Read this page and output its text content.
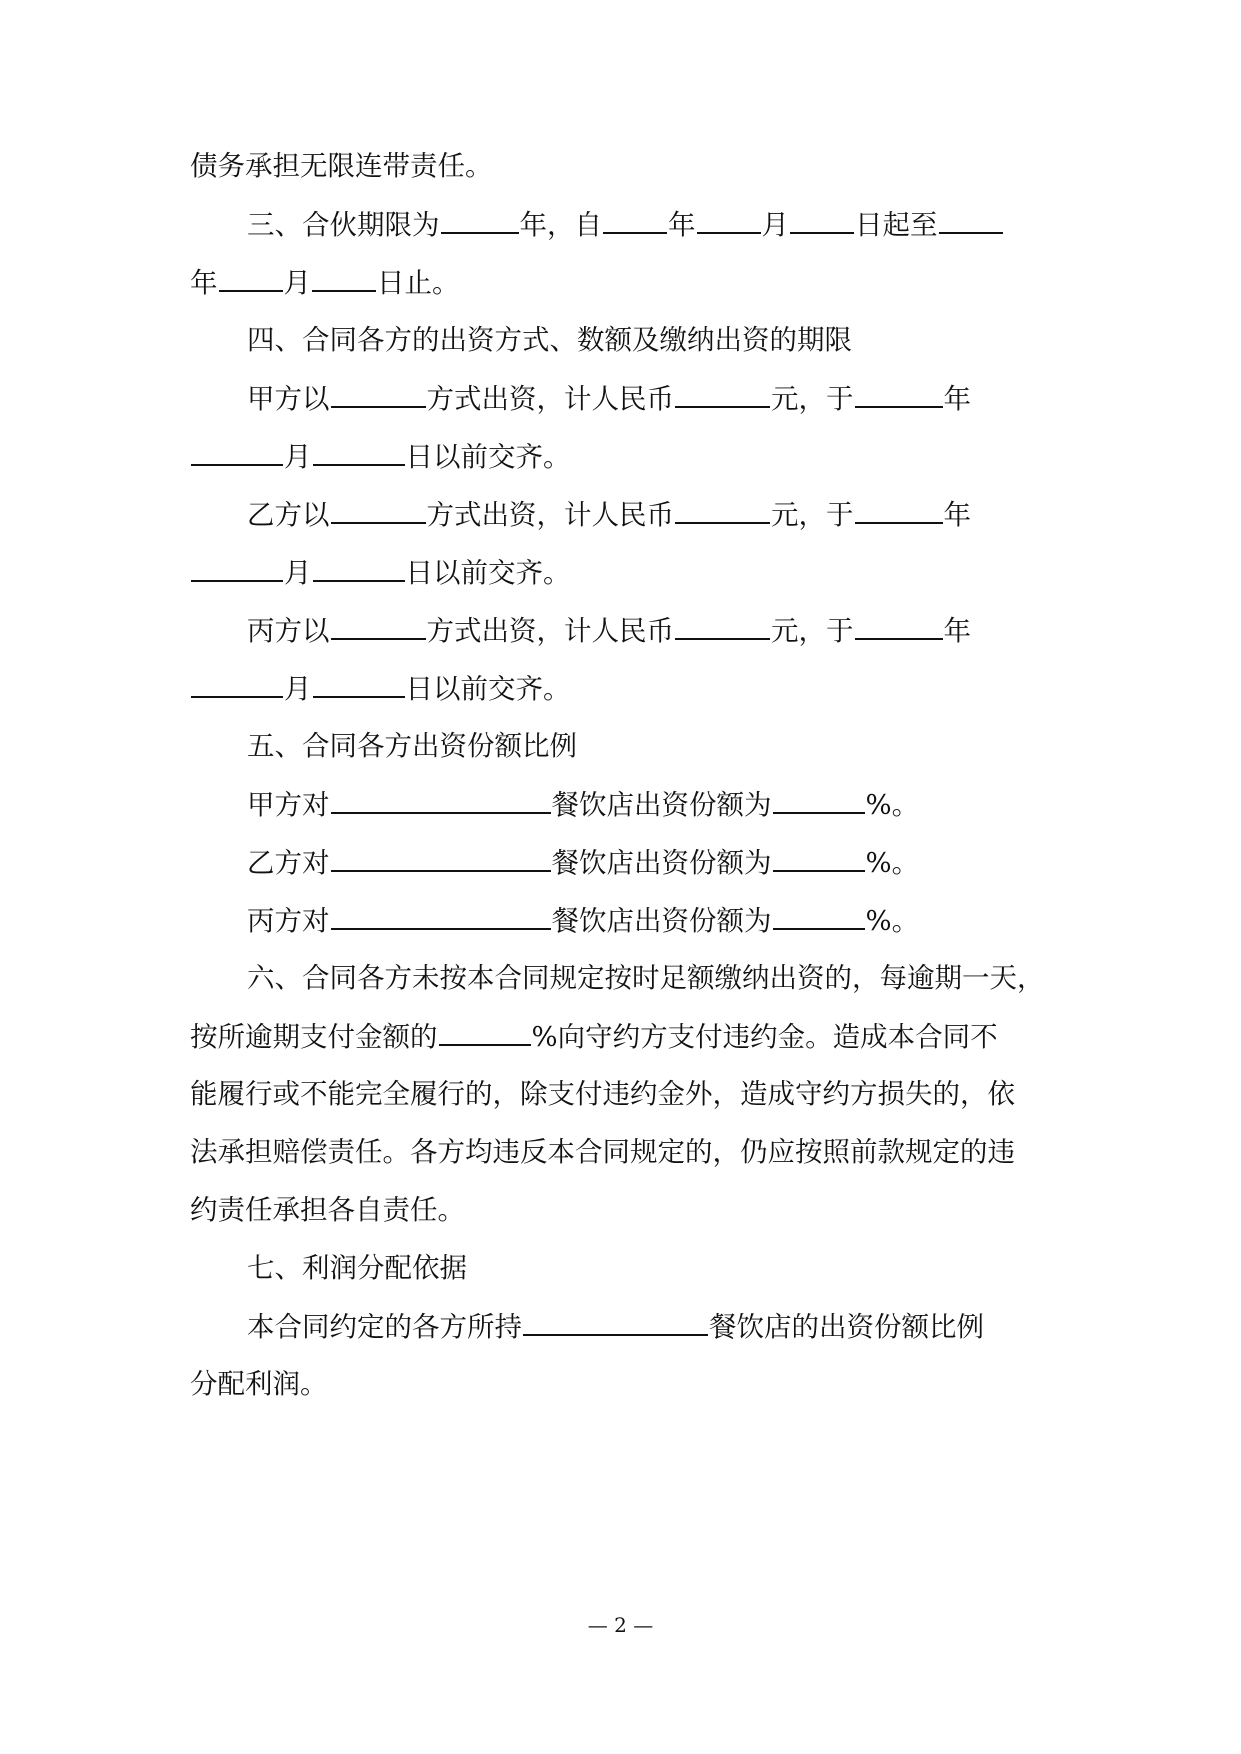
债务承担无限连带责任。
三、合伙期限为	年，自 年 月 日起至
年 月 日止。
四、合同各方的出资方式、数额及缴纳出资的期限
甲方以	方式出资，计人民币	元，于	年
月	日以前交齐。
乙方以	方式出资，计人民币	元，于	年
月	日以前交齐。
丙方以	方式出资，计人民币	元，于	年
月	日以前交齐。
五、合同各方出资份额比例
甲方对	餐饮店出资份额为	%。
乙方对	餐饮店出资份额为	%。
丙方对	餐饮店出资份额为	%。
六、合同各方未按本合同规定按时足额缴纳出资的，每逾期一天，
按所逾期支付金额的	%向守约方支付违约金。造成本合同不
能履行或不能完全履行的，除支付违约金外，造成守约方损失的，依
法承担赔偿责任。各方均违反本合同规定的，仍应按照前款规定的违
约责任承担各自责任。
七、利润分配依据
本合同约定的各方所持	餐饮店的出资份额比例
分配利润。
— 2 —
